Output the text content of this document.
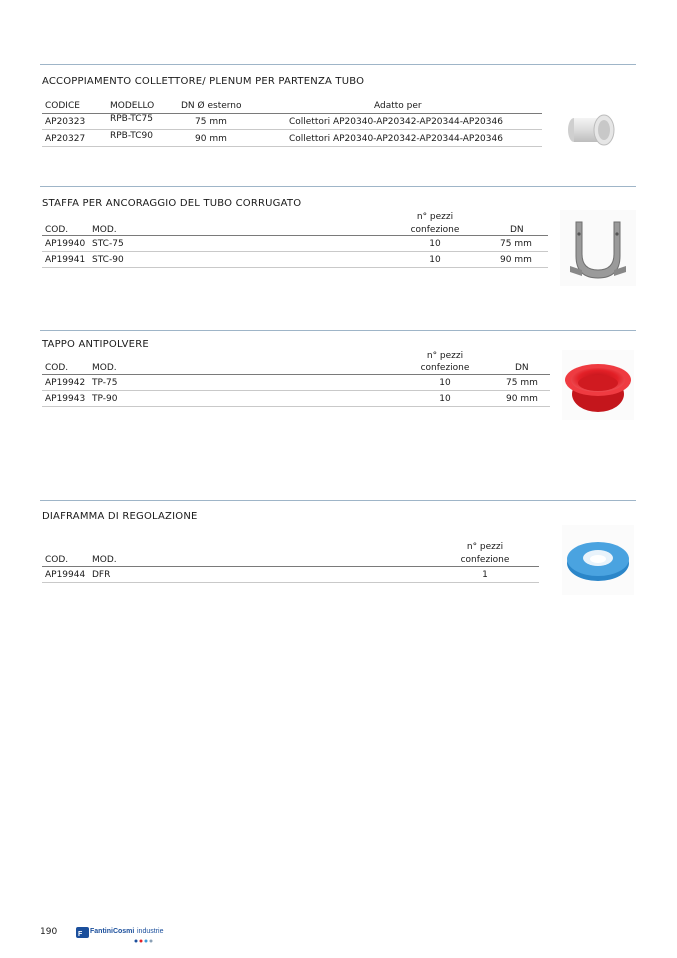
ACCOPPIAMENTO COLLETTORE/ PLENUM PER PARTENZA TUBO
CODICE	MODELLO	DN Ø esterno	Adatto per
AP20323	RPB-TC75	75 mm	Collettori AP20340-AP20342-AP20344-AP20346
AP20327	RPB-TC90	90 mm	Collettori AP20340-AP20342-AP20344-AP20346
STAFFA PER ANCORAGGIO DEL TUBO CORRUGATO
n° pezzi
COD.	MOD.	confezione	DN
AP19940 STC-75	10	75 mm
AP19941 STC-90	10	90 mm
TAPPO ANTIPOLVERE
n° pezzi
COD.	MOD.	confezione	DN
AP19942 TP-75	10	75 mm
AP19943 TP-90	10	90 mm
DIAFRAMMA DI REGOLAZIONE
n° pezzi
COD.	MOD.	confezione
AP19944 DFR	1
190	F FantiniCosmi industrie
